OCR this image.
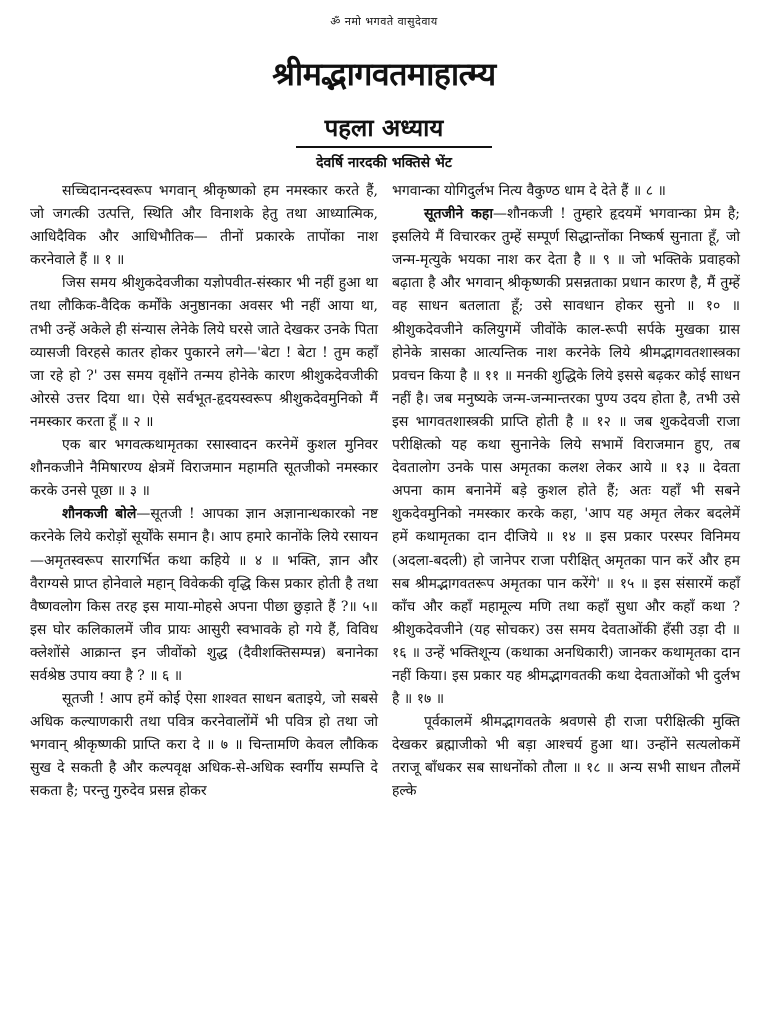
ॐ नमो भगवते वासुदेवाय
श्रीमद्भागवतमाहात्म्य
पहला अध्याय
देवर्षि नारदकी भक्तिसे भेंट

सच्चिदानन्दस्वरूप भगवान् श्रीकृष्णको हम नमस्कार करते हैं, जो जगत्की उत्पत्ति, स्थिति और विनाशके हेतु तथा आध्यात्मिक, आधिदैविक और आधिभौतिक— तीनों प्रकारके तापोंका नाश करनेवाले हैं ॥ १ ॥

जिस समय श्रीशुकदेवजीका यज्ञोपवीत-संस्कार भी नहीं हुआ था तथा लौकिक-वैदिक कर्मोंके अनुष्ठानका अवसर भी नहीं आया था, तभी उन्हें अकेले ही संन्यास लेनेके लिये घरसे जाते देखकर उनके पिता व्यासजी विरहसे कातर होकर पुकारने लगे—'बेटा ! बेटा ! तुम कहाँ जा रहे हो ?' उस समय वृक्षोंने तन्मय होनेके कारण श्रीशुकदेवजीकी ओरसे उत्तर दिया था। ऐसे सर्वभूत-हृदयस्वरूप श्रीशुकदेवमुनिको मैं नमस्कार करता हूँ ॥ २ ॥

एक बार भगवत्कथामृतका रसास्वादन करनेमें कुशल मुनिवर शौनकजीने नैमिषारण्य क्षेत्रमें विराजमान महामति सूतजीको नमस्कार करके उनसे पूछा ॥ ३ ॥

शौनकजी बोले—सूतजी ! आपका ज्ञान अज्ञानान्धकारको नष्ट करनेके लिये करोड़ों सूर्योंके समान है। आप हमारे कानोंके लिये रसायन—अमृतस्वरूप सारगर्भित कथा कहिये ॥ ४ ॥ भक्ति, ज्ञान और वैराग्यसे प्राप्त होनेवाले महान् विवेककी वृद्धि किस प्रकार होती है तथा वैष्णवलोग किस तरह इस माया-मोहसे अपना पीछा छुड़ाते हैं ?॥ ५॥ इस घोर कलिकालमें जीव प्रायः आसुरी स्वभावके हो गये हैं, विविध क्लेशोंसे आक्रान्त इन जीवोंको शुद्ध (दैवीशक्तिसम्पन्न) बनानेका सर्वश्रेष्ठ उपाय क्या है ? ॥ ६ ॥

सूतजी ! आप हमें कोई ऐसा शाश्वत साधन बताइये, जो सबसे अधिक कल्याणकारी तथा पवित्र करनेवालोंमें भी पवित्र हो तथा जो भगवान् श्रीकृष्णकी प्राप्ति करा दे ॥ ७ ॥ चिन्तामणि केवल लौकिक सुख दे सकती है और कल्पवृक्ष अधिक-से-अधिक स्वर्गीय सम्पत्ति दे सकता है; परन्तु गुरुदेव प्रसन्न होकर

भगवान्का योगिदुर्लभ नित्य वैकुण्ठ धाम दे देते हैं ॥ ८ ॥

सूतजीने कहा—शौनकजी ! तुम्हारे हृदयमें भगवान्का प्रेम है; इसलिये मैं विचारकर तुम्हें सम्पूर्ण सिद्धान्तोंका निष्कर्ष सुनाता हूँ, जो जन्म-मृत्युके भयका नाश कर देता है ॥ ९ ॥ जो भक्तिके प्रवाहको बढ़ाता है और भगवान् श्रीकृष्णकी प्रसन्नताका प्रधान कारण है, मैं तुम्हें वह साधन बतलाता हूँ; उसे सावधान होकर सुनो ॥ १० ॥ श्रीशुकदेवजीने कलियुगमें जीवोंके काल-रूपी सर्पके मुखका ग्रास होनेके त्रासका आत्यन्तिक नाश करनेके लिये श्रीमद्भागवतशास्त्रका प्रवचन किया है ॥ ११ ॥ मनकी शुद्धिके लिये इससे बढ़कर कोई साधन नहीं है। जब मनुष्यके जन्म-जन्मान्तरका पुण्य उदय होता है, तभी उसे इस भागवतशास्त्रकी प्राप्ति होती है ॥ १२ ॥ जब शुकदेवजी राजा परीक्षित्को यह कथा सुनानेके लिये सभामें विराजमान हुए, तब देवतालोग उनके पास अमृतका कलश लेकर आये ॥ १३ ॥ देवता अपना काम बनानेमें बड़े कुशल होते हैं; अतः यहाँ भी सबने शुकदेवमुनिको नमस्कार करके कहा, 'आप यह अमृत लेकर बदलेमें हमें कथामृतका दान दीजिये ॥ १४ ॥ इस प्रकार परस्पर विनिमय (अदला-बदली) हो जानेपर राजा परीक्षित् अमृतका पान करें और हम सब श्रीमद्भागवतरूप अमृतका पान करेंगे' ॥ १५ ॥ इस संसारमें कहाँ काँच और कहाँ महामूल्य मणि तथा कहाँ सुधा और कहाँ कथा ? श्रीशुकदेवजीने (यह सोचकर) उस समय देवताओंकी हँसी उड़ा दी ॥ १६ ॥ उन्हें भक्तिशून्य (कथाका अनधिकारी) जानकर कथामृतका दान नहीं किया। इस प्रकार यह श्रीमद्भागवतकी कथा देवताओंको भी दुर्लभ है ॥ १७ ॥

पूर्वकालमें श्रीमद्भागवतके श्रवणसे ही राजा परीक्षित्की मुक्ति देखकर ब्रह्माजीको भी बड़ा आश्चर्य हुआ था। उन्होंने सत्यलोकमें तराजू बाँधकर सब साधनोंको तौला ॥ १८ ॥ अन्य सभी साधन तौलमें हल्के
